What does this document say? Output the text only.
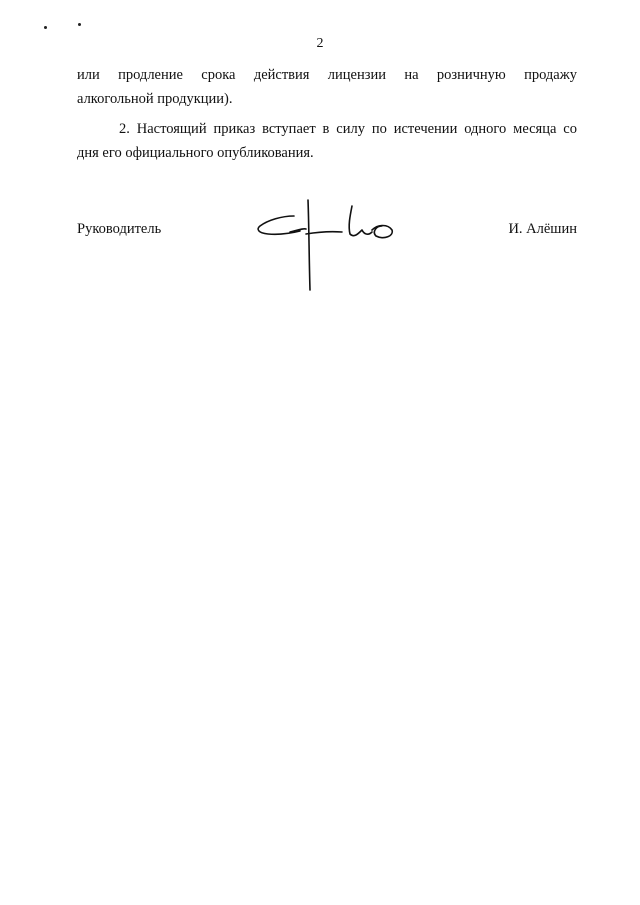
2

или продление срока действия лицензии на розничную продажу
алкогольной продукции).

2. Настоящий приказ вступает в силу по истечении одного месяца со
дня его официального опубликования.

Руководитель	И. Алёшин
